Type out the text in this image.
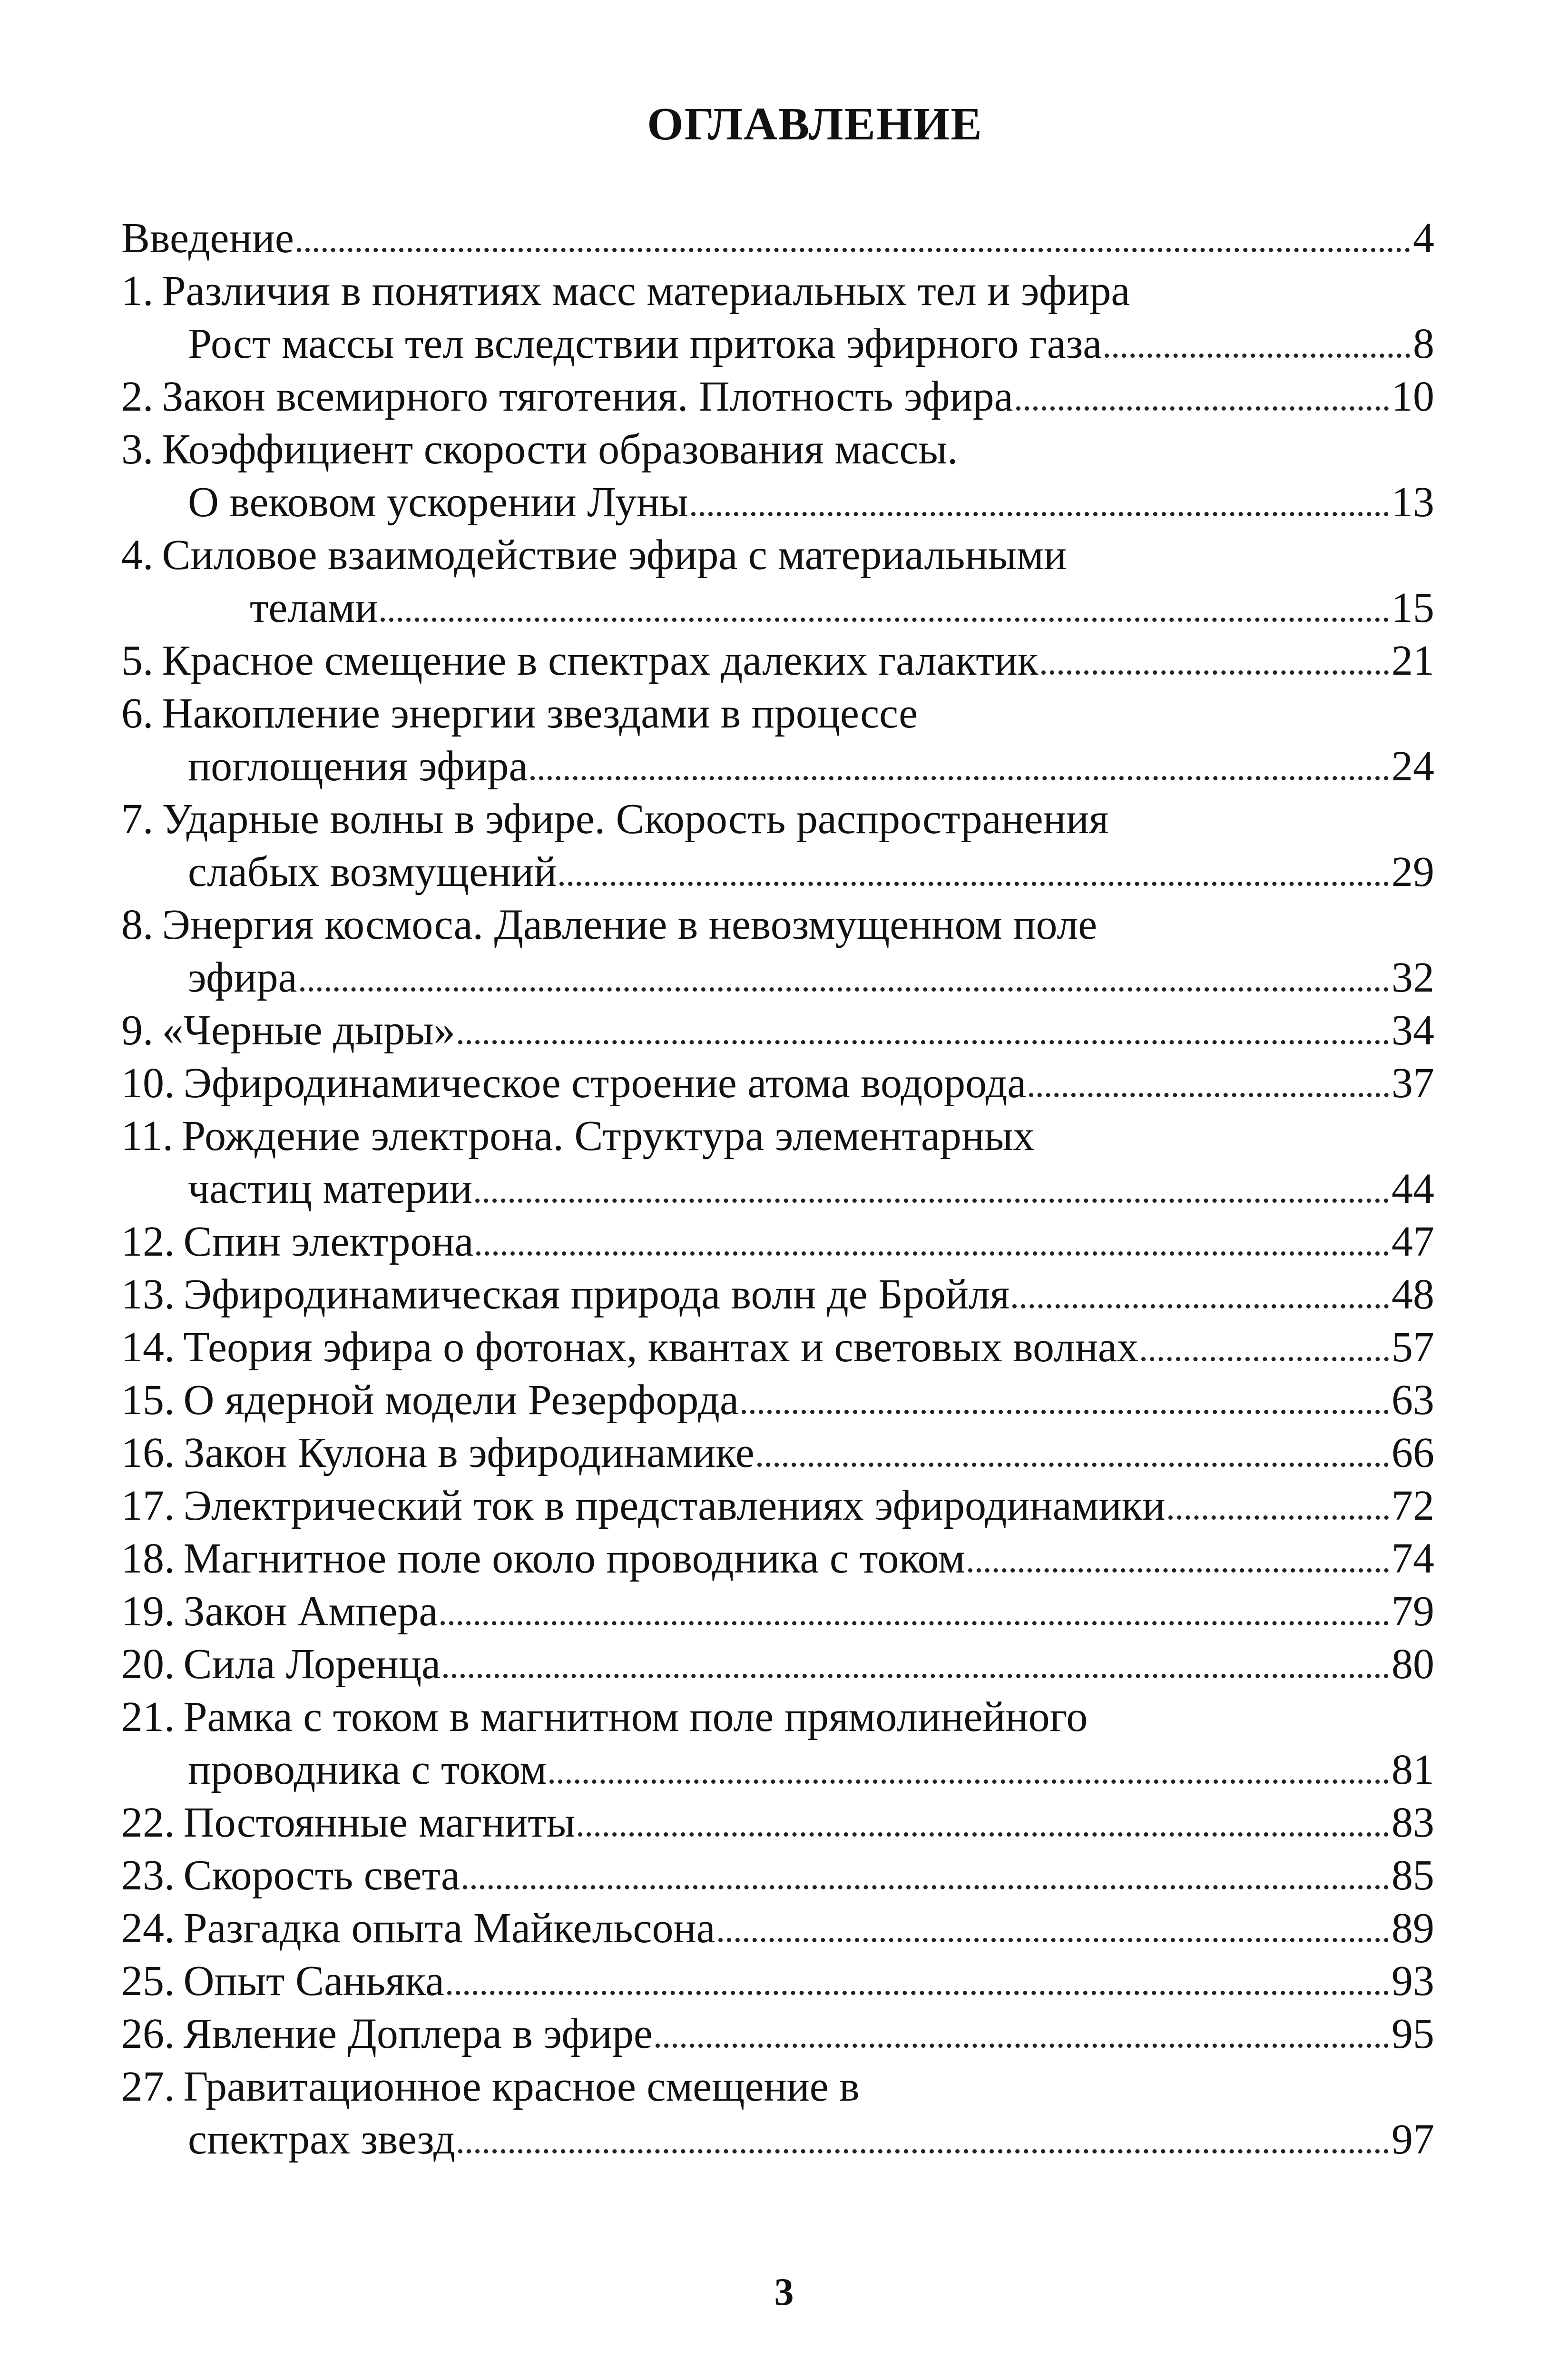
ОГЛАВЛЕНИЕ
Введение	4
1. Различия в понятиях масс материальных тел и эфира
Рост массы тел вследствии притока эфирного газа	8
2. Закон всемирного тяготения. Плотность эфира	10
3. Коэффициент скорости образования массы.
О вековом ускорении Луны	13
4. Силовое взаимодействие эфира с материальными
телами	15
5. Красное смещение в спектрах далеких галактик	21
6. Накопление энергии звездами в процессе
поглощения эфира	24
7. Ударные волны в эфире. Скорость распространения
слабых возмущений	29
8. Энергия космоса. Давление в невозмущенном поле
эфира	32
9. «Черные дыры»	34
10. Эфиродинамическое строение атома водорода	37
11. Рождение электрона. Структура элементарных
частиц материи	44
12. Спин электрона	47
13. Эфиродинамическая природа волн де Бройля	48
14. Теория эфира о фотонах, квантах и световых волнах	57
15. О ядерной модели Резерфорда	63
16. Закон Кулона в эфиродинамике	66
17. Электрический ток в представлениях эфиродинамики	72
18. Магнитное поле около проводника с током	74
19. Закон Ампера	79
20. Сила Лоренца	80
21. Рамка с током в магнитном поле прямолинейного
проводника с током	81
22. Постоянные магниты	83
23. Скорость света	85
24. Разгадка опыта Майкельсона	89
25. Опыт Саньяка	93
26. Явление Доплера в эфире	95
27. Гравитационное красное смещение в
спектрах звезд	97
3
